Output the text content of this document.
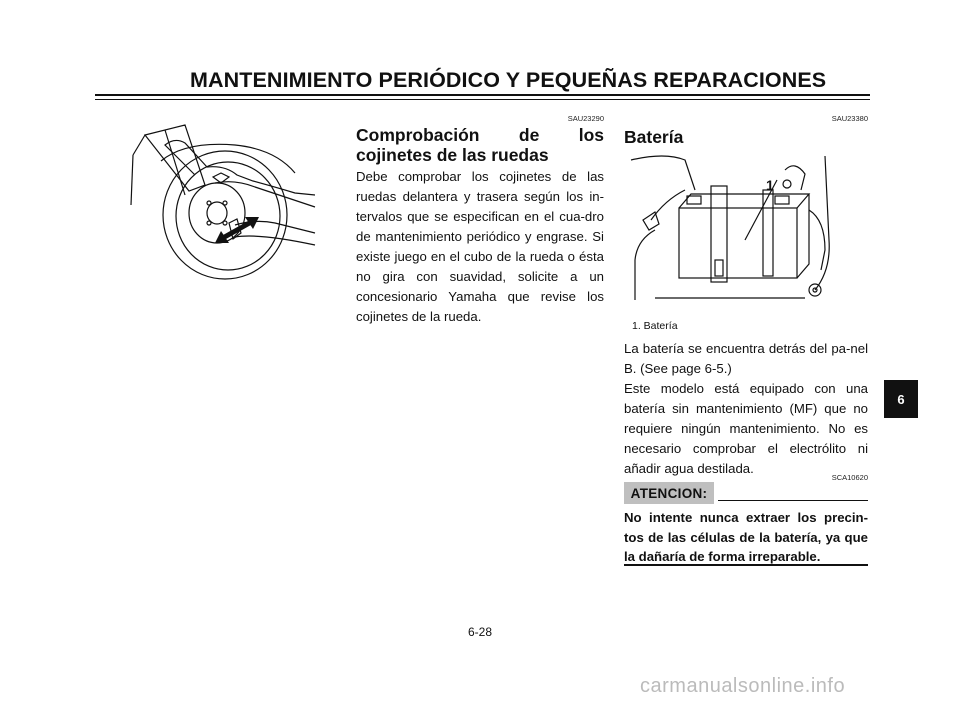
MANTENIMIENTO PERIÓDICO Y PEQUEÑAS REPARACIONES
SAU23290
Comprobación de los
cojinetes de las ruedas
Debe comprobar los cojinetes de las ruedas delantera y trasera según los in-tervalos que se especifican en el cua-dro de mantenimiento periódico y engrase. Si existe juego en el cubo de la rueda o ésta no gira con suavidad, solicite a un concesionario Yamaha que revise los cojinetes de la rueda.
SAU23380
Batería
1
1. Batería
La batería se encuentra detrás del pa-nel B. (See page 6-5.)
Este modelo está equipado con una batería sin mantenimiento (MF) que no requiere ningún mantenimiento. No es necesario comprobar el electrólito ni añadir agua destilada.
SCA10620
ATENCION:
No intente nunca extraer los precin-tos de las células de la batería, ya que la dañaría de forma irreparable.
6
6-28
carmanualsonline.info
